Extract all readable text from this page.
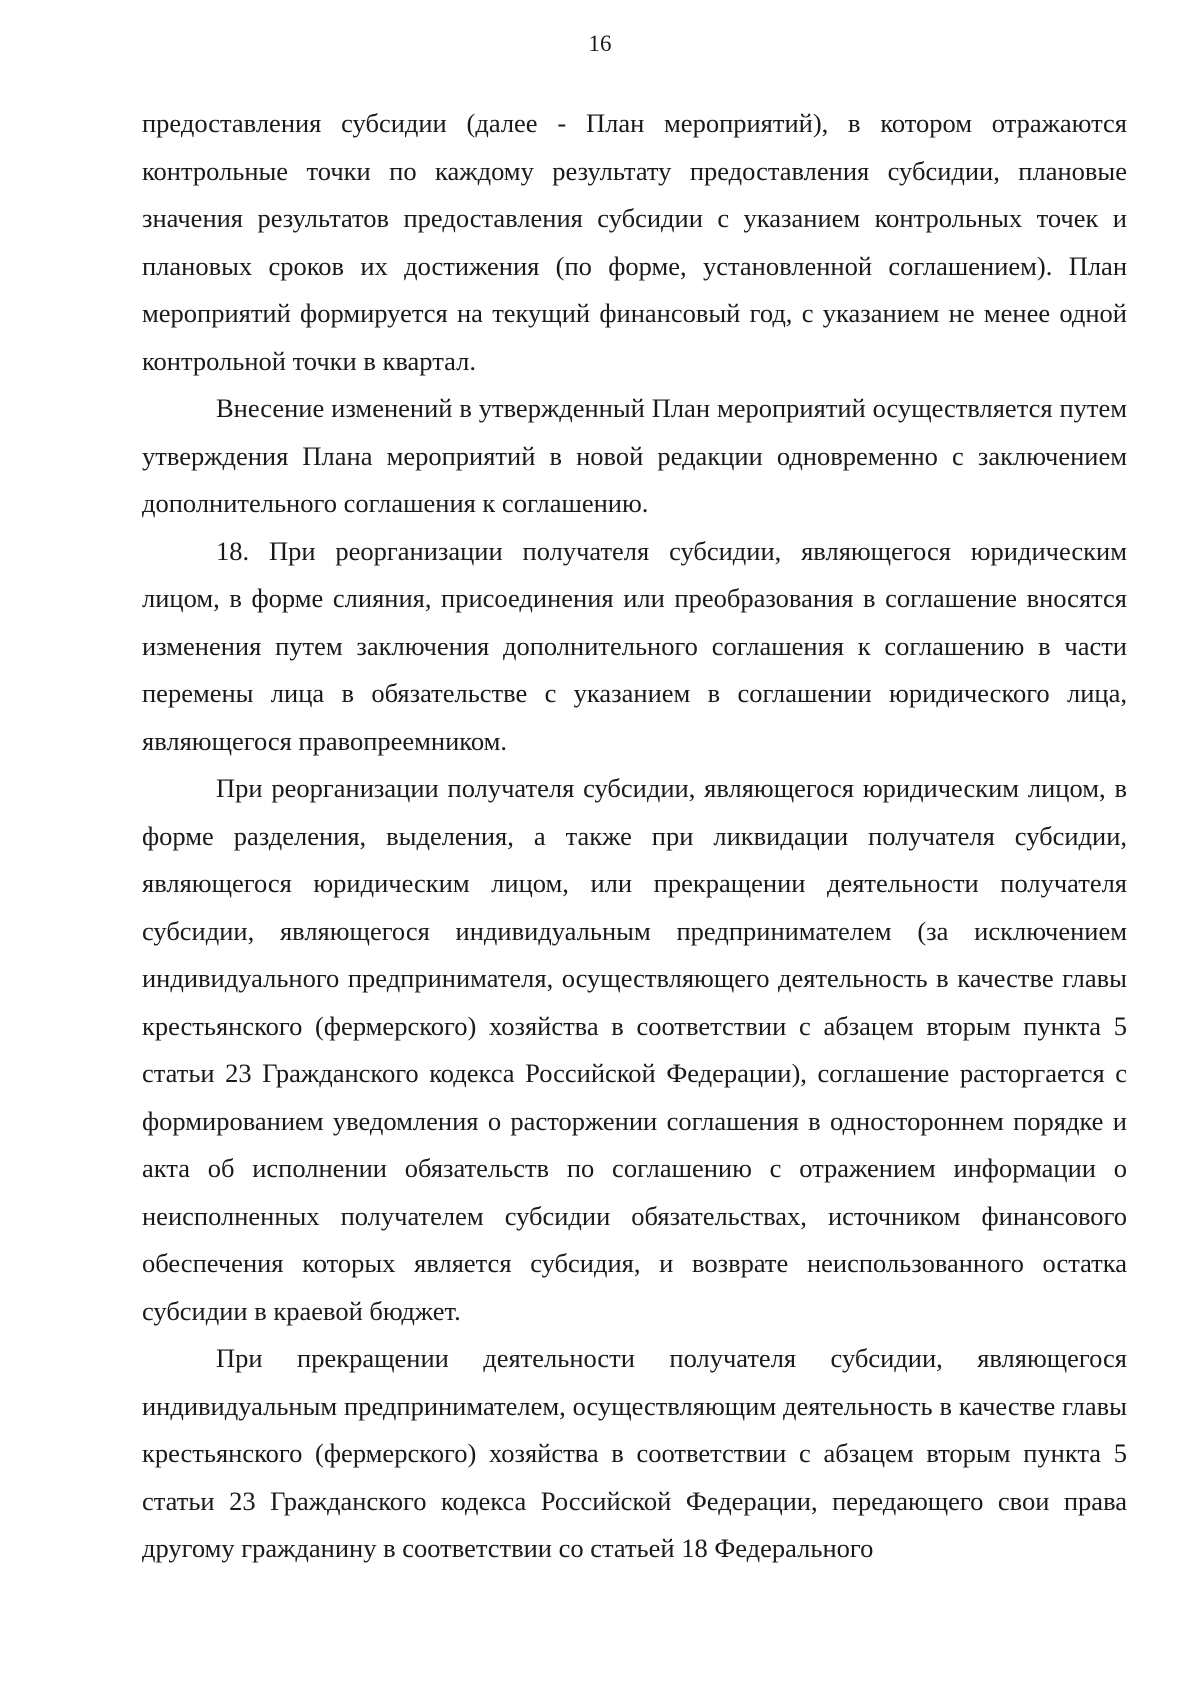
16

предоставления субсидии (далее - План мероприятий), в котором отражаются контрольные точки по каждому результату предоставления субсидии, плановые значения результатов предоставления субсидии с указанием контрольных точек и плановых сроков их достижения (по форме, установленной соглашением). План мероприятий формируется на текущий финансовый год, с указанием не менее одной контрольной точки в квартал.

Внесение изменений в утвержденный План мероприятий осуществляется путем утверждения Плана мероприятий в новой редакции одновременно с заключением дополнительного соглашения к соглашению.

18. При реорганизации получателя субсидии, являющегося юридическим лицом, в форме слияния, присоединения или преобразования в соглашение вносятся изменения путем заключения дополнительного соглашения к соглашению в части перемены лица в обязательстве с указанием в соглашении юридического лица, являющегося правопреемником.

При реорганизации получателя субсидии, являющегося юридическим лицом, в форме разделения, выделения, а также при ликвидации получателя субсидии, являющегося юридическим лицом, или прекращении деятельности получателя субсидии, являющегося индивидуальным предпринимателем (за исключением индивидуального предпринимателя, осуществляющего деятельность в качестве главы крестьянского (фермерского) хозяйства в соответствии с абзацем вторым пункта 5 статьи 23 Гражданского кодекса Российской Федерации), соглашение расторгается с формированием уведомления о расторжении соглашения в одностороннем порядке и акта об исполнении обязательств по соглашению с отражением информации о неисполненных получателем субсидии обязательствах, источником финансового обеспечения которых является субсидия, и возврате неиспользованного остатка субсидии в краевой бюджет.

При прекращении деятельности получателя субсидии, являющегося индивидуальным предпринимателем, осуществляющим деятельность в качестве главы крестьянского (фермерского) хозяйства в соответствии с абзацем вторым пункта 5 статьи 23 Гражданского кодекса Российской Федерации, передающего свои права другому гражданину в соответствии со статьей 18 Федерального
